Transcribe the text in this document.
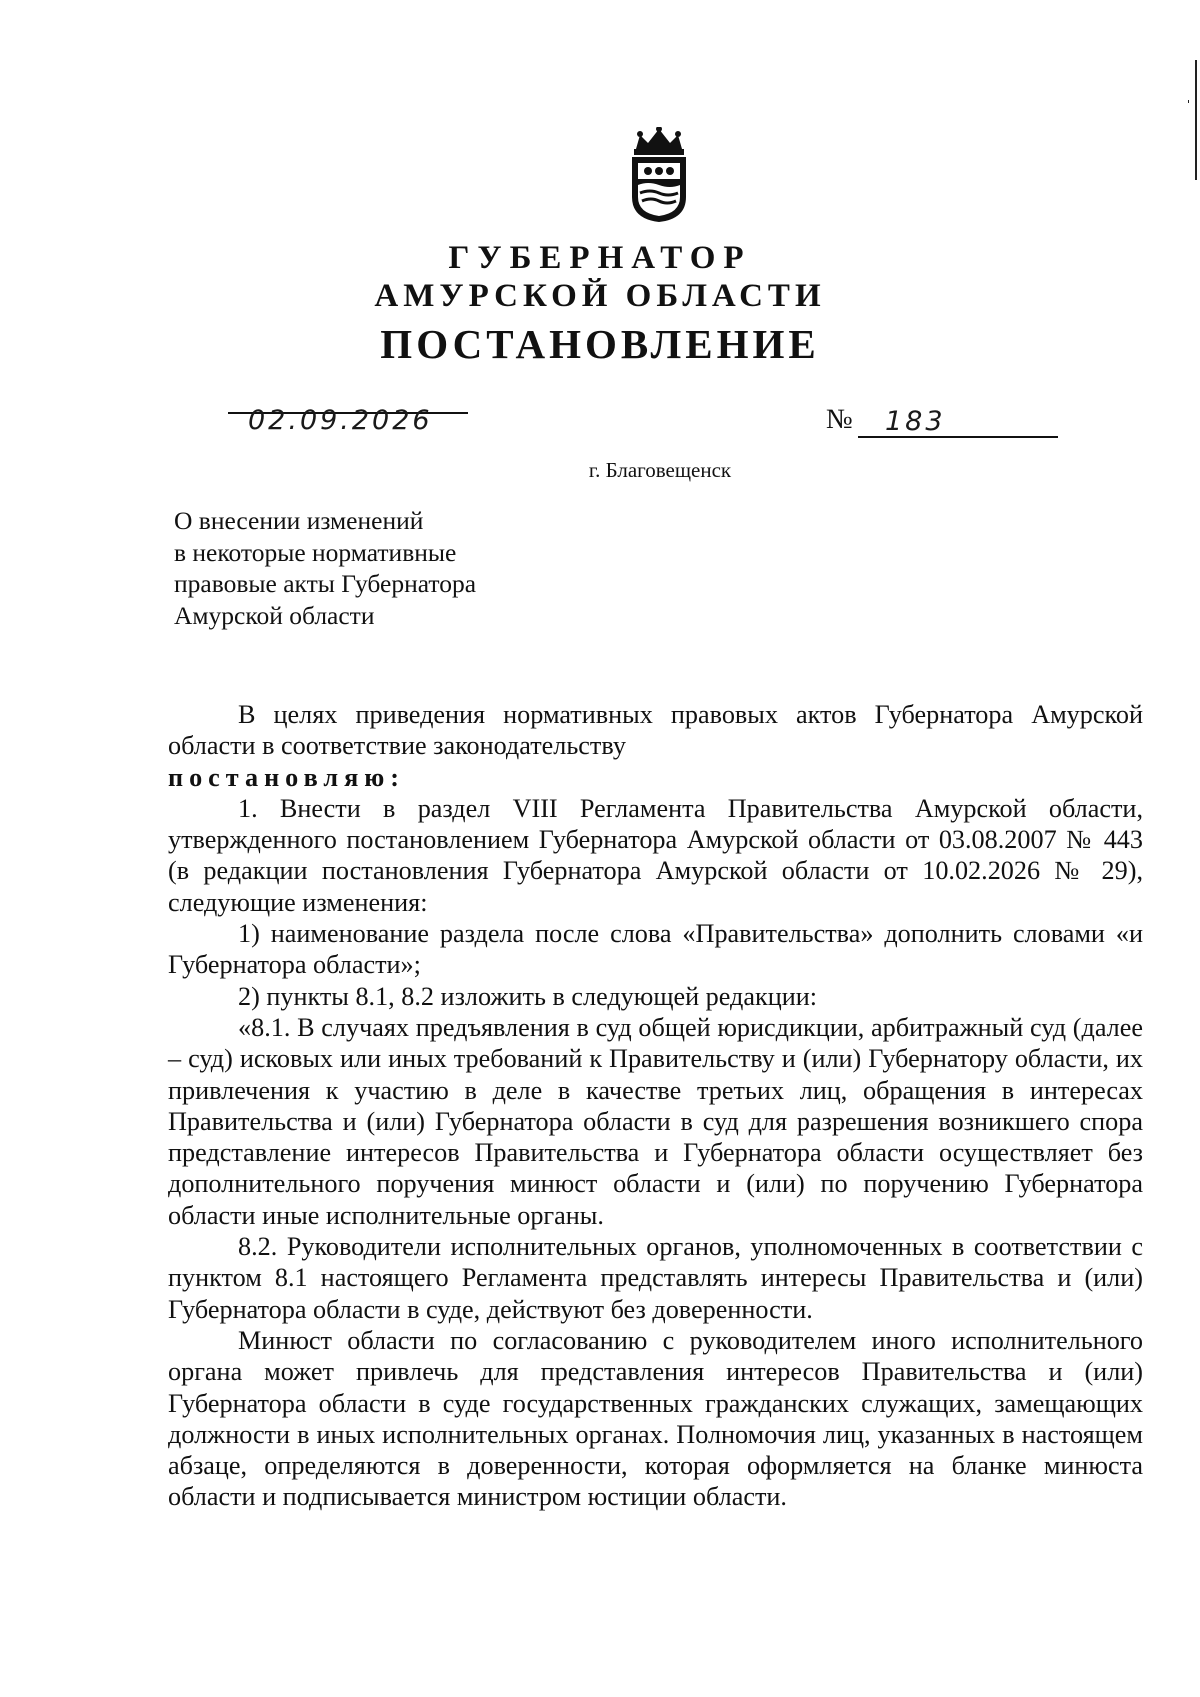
ГУБЕРНАТОР
АМУРСКОЙ ОБЛАСТИ
ПОСТАНОВЛЕНИЕ
02.09.2026	№ 183
г. Благовещенск
О внесении изменений
в некоторые нормативные
правовые акты Губернатора
Амурской области

В целях приведения нормативных правовых актов Губернатора Амурской области в соответствие законодательству

постановляю:

1. Внести в раздел VIII Регламента Правительства Амурской области, утвержденного постановлением Губернатора Амурской области от 03.08.2007 № 443 (в редакции постановления Губернатора Амурской области от 10.02.2026 № 29), следующие изменения:

1) наименование раздела после слова «Правительства» дополнить словами «и Губернатора области»;

2) пункты 8.1, 8.2 изложить в следующей редакции:

«8.1. В случаях предъявления в суд общей юрисдикции, арбитражный суд (далее – суд) исковых или иных требований к Правительству и (или) Губернатору области, их привлечения к участию в деле в качестве третьих лиц, обращения в интересах Правительства и (или) Губернатора области в суд для разрешения возникшего спора представление интересов Правительства и Губернатора области осуществляет без дополнительного поручения минюст области и (или) по поручению Губернатора области иные исполнительные органы.

8.2. Руководители исполнительных органов, уполномоченных в соответствии с пунктом 8.1 настоящего Регламента представлять интересы Правительства и (или) Губернатора области в суде, действуют без доверенности.

Минюст области по согласованию с руководителем иного исполнительного органа может привлечь для представления интересов Правительства и (или) Губернатора области в суде государственных гражданских служащих, замещающих должности в иных исполнительных органах. Полномочия лиц, указанных в настоящем абзаце, определяются в доверенности, которая оформляется на бланке минюста области и подписывается министром юстиции области.
